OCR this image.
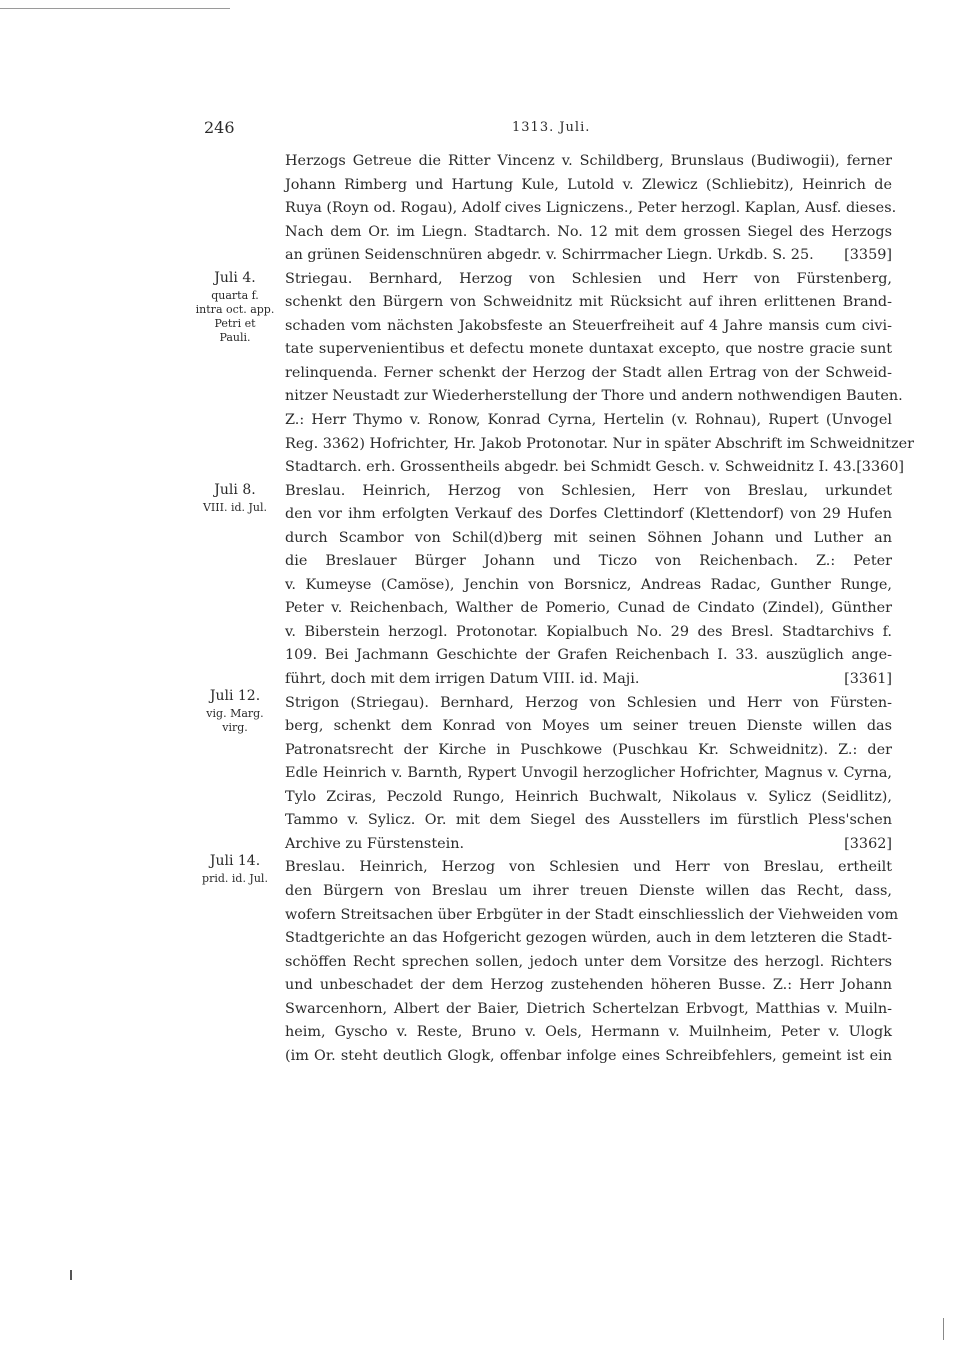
246	1313. Juli.
Juli 4.
quarta f.
intra oct. app.
Petri et
Pauli.
Juli 8.
VIII. id. Jul.
Juli 12.
vig. Marg.
virg.
Juli 14.
prid. id. Jul.
Herzogs Getreue die Ritter Vincenz v. Schildberg, Brunslaus (Budiwogii), ferner
Johann Rimberg und Hartung Kule, Lutold v. Zlewicz (Schliebitz), Heinrich de
Ruya (Royn od. Rogau), Adolf cives Ligniczens., Peter herzogl. Kaplan, Ausf. dieses.
Nach dem Or. im Liegn. Stadtarch. No. 12 mit dem grossen Siegel des Herzogs
an grünen Seidenschnüren abgedr. v. Schirrmacher Liegn. Urkdb. S. 25. [3359]
Striegau. Bernhard, Herzog von Schlesien und Herr von Fürstenberg,
schenkt den Bürgern von Schweidnitz mit Rücksicht auf ihren erlittenen Brand-
schaden vom nächsten Jakobsfeste an Steuerfreiheit auf 4 Jahre mansis cum civi-
tate supervenientibus et defectu monete duntaxat excepto, que nostre gracie sunt
relinquenda. Ferner schenkt der Herzog der Stadt allen Ertrag von der Schweid-
nitzer Neustadt zur Wiederherstellung der Thore und andern nothwendigen Bauten.
Z.: Herr Thymo v. Ronow, Konrad Cyrna, Hertelin (v. Rohnau), Rupert (Unvogel
Reg. 3362) Hofrichter, Hr. Jakob Protonotar. Nur in später Abschrift im Schweidnitzer
Stadtarch. erh. Grossentheils abgedr. bei Schmidt Gesch. v. Schweidnitz I. 43. [3360]
Breslau. Heinrich, Herzog von Schlesien, Herr von Breslau, urkundet
den vor ihm erfolgten Verkauf des Dorfes Clettindorf (Klettendorf) von 29 Hufen
durch Scambor von Schil(d)berg mit seinen Söhnen Johann und Luther an
die Breslauer Bürger Johann und Ticzo von Reichenbach. Z.: Peter
v. Kumeyse (Camöse), Jenchin von Borsnicz, Andreas Radac, Gunther Runge,
Peter v. Reichenbach, Walther de Pomerio, Cunad de Cindato (Zindel), Günther
v. Biberstein herzogl. Protonotar. Kopialbuch No. 29 des Bresl. Stadtarchivs f.
109. Bei Jachmann Geschichte der Grafen Reichenbach I. 33. auszüglich ange-
führt, doch mit dem irrigen Datum VIII. id. Maji.	[3361]
Strigon (Striegau). Bernhard, Herzog von Schlesien und Herr von Fürsten-
berg, schenkt dem Konrad von Moyes um seiner treuen Dienste willen das
Patronatsrecht der Kirche in Puschkowe (Puschkau Kr. Schweidnitz). Z.: der
Edle Heinrich v. Barnth, Rypert Unvogil herzoglicher Hofrichter, Magnus v. Cyrna,
Tylo Zciras, Peczold Rungo, Heinrich Buchwalt, Nikolaus v. Sylicz (Seidlitz),
Tammo v. Sylicz. Or. mit dem Siegel des Ausstellers im fürstlich Pless'schen
Archive zu Fürstenstein.	[3362]
Breslau. Heinrich, Herzog von Schlesien und Herr von Breslau, ertheilt
den Bürgern von Breslau um ihrer treuen Dienste willen das Recht, dass,
wofern Streitsachen über Erbgüter in der Stadt einschliesslich der Viehweiden vom
Stadtgerichte an das Hofgericht gezogen würden, auch in dem letzteren die Stadt-
schöffen Recht sprechen sollen, jedoch unter dem Vorsitze des herzogl. Richters
und unbeschadet der dem Herzog zustehenden höheren Busse. Z.: Herr Johann
Swarcenhorn, Albert der Baier, Dietrich Schertelzan Erbvogt, Matthias v. Muiln-
heim, Gyscho v. Reste, Bruno v. Oels, Hermann v. Muilnheim, Peter v. Ulogk
(im Or. steht deutlich Glogk, offenbar infolge eines Schreibfehlers, gemeint ist ein
